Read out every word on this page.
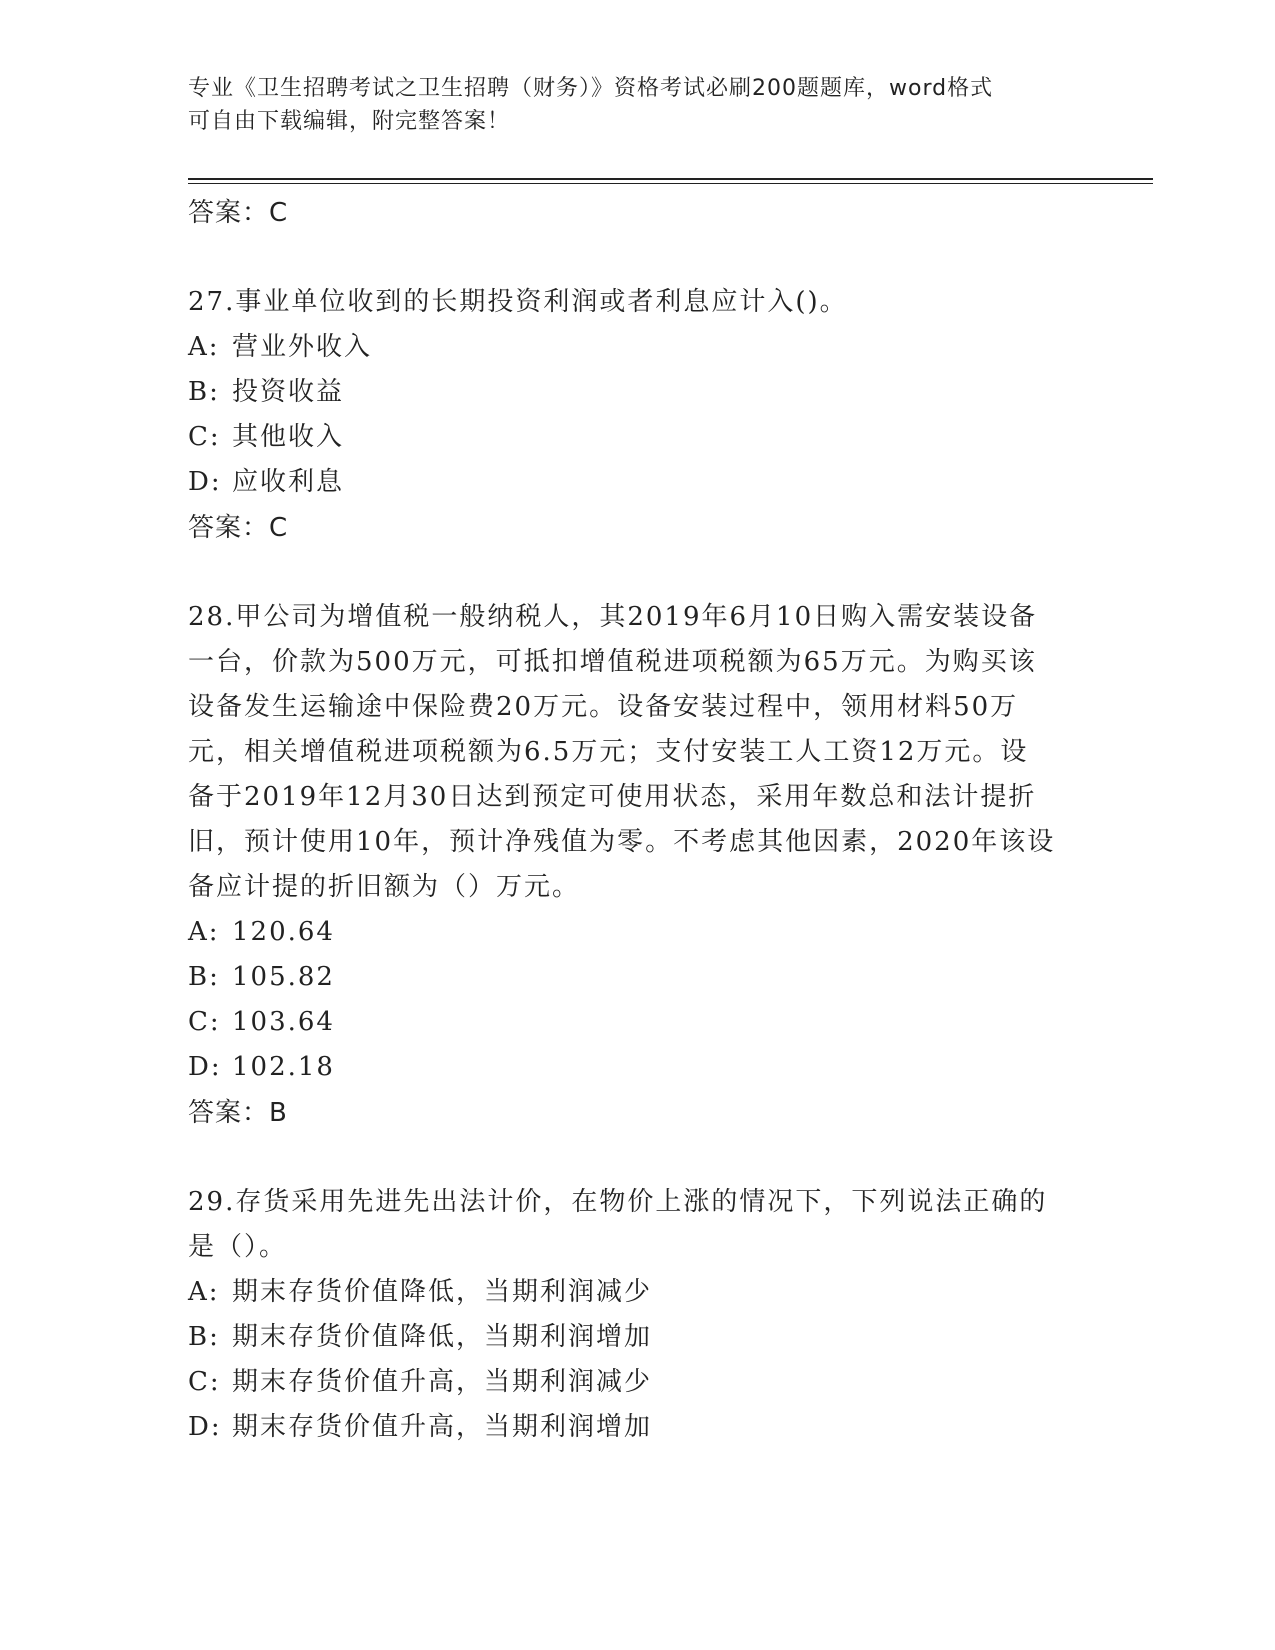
专业《卫生招聘考试之卫生招聘（财务）》资格考试必刷200题题库，word格式
可自由下载编辑，附完整答案！
答案：C
27.事业单位收到的长期投资利润或者利息应计入()。
A: 营业外收入
B: 投资收益
C: 其他收入
D: 应收利息
答案：C
28.甲公司为增值税一般纳税人，其2019年6月10日购入需安装设备
一台，价款为500万元，可抵扣增值税进项税额为65万元。为购买该
设备发生运输途中保险费20万元。设备安装过程中，领用材料50万
元，相关增值税进项税额为6.5万元；支付安装工人工资12万元。设
备于2019年12月30日达到预定可使用状态，采用年数总和法计提折
旧，预计使用10年，预计净残值为零。不考虑其他因素，2020年该设
备应计提的折旧额为（）万元。
A: 120.64
B: 105.82
C: 103.64
D: 102.18
答案：B
29.存货采用先进先出法计价，在物价上涨的情况下，下列说法正确的
是（）。
A: 期末存货价值降低，当期利润减少
B: 期末存货价值降低，当期利润增加
C: 期末存货价值升高，当期利润减少
D: 期末存货价值升高，当期利润增加
